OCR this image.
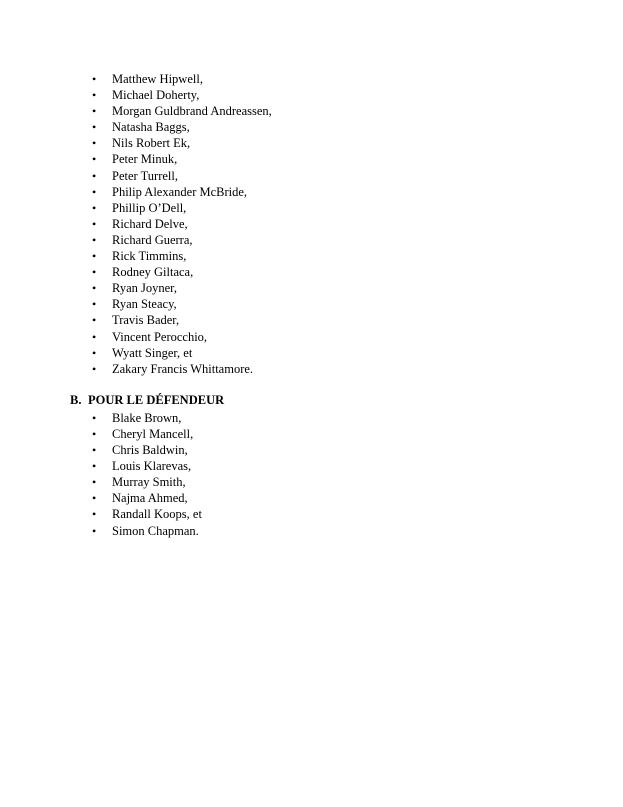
•	Matthew Hipwell,
•	Michael Doherty,
•	Morgan Guldbrand Andreassen,
•	Natasha Baggs,
•	Nils Robert Ek,
•	Peter Minuk,
•	Peter Turrell,
•	Philip Alexander McBride,
•	Phillip O’Dell,
•	Richard Delve,
•	Richard Guerra,
•	Rick Timmins,
•	Rodney Giltaca,
•	Ryan Joyner,
•	Ryan Steacy,
•	Travis Bader,
•	Vincent Perocchio,
•	Wyatt Singer, et
•	Zakary Francis Whittamore.
B. POUR LE DÉFENDEUR
•	Blake Brown,
•	Cheryl Mancell,
•	Chris Baldwin,
•	Louis Klarevas,
•	Murray Smith,
•	Najma Ahmed,
•	Randall Koops, et
•	Simon Chapman.
